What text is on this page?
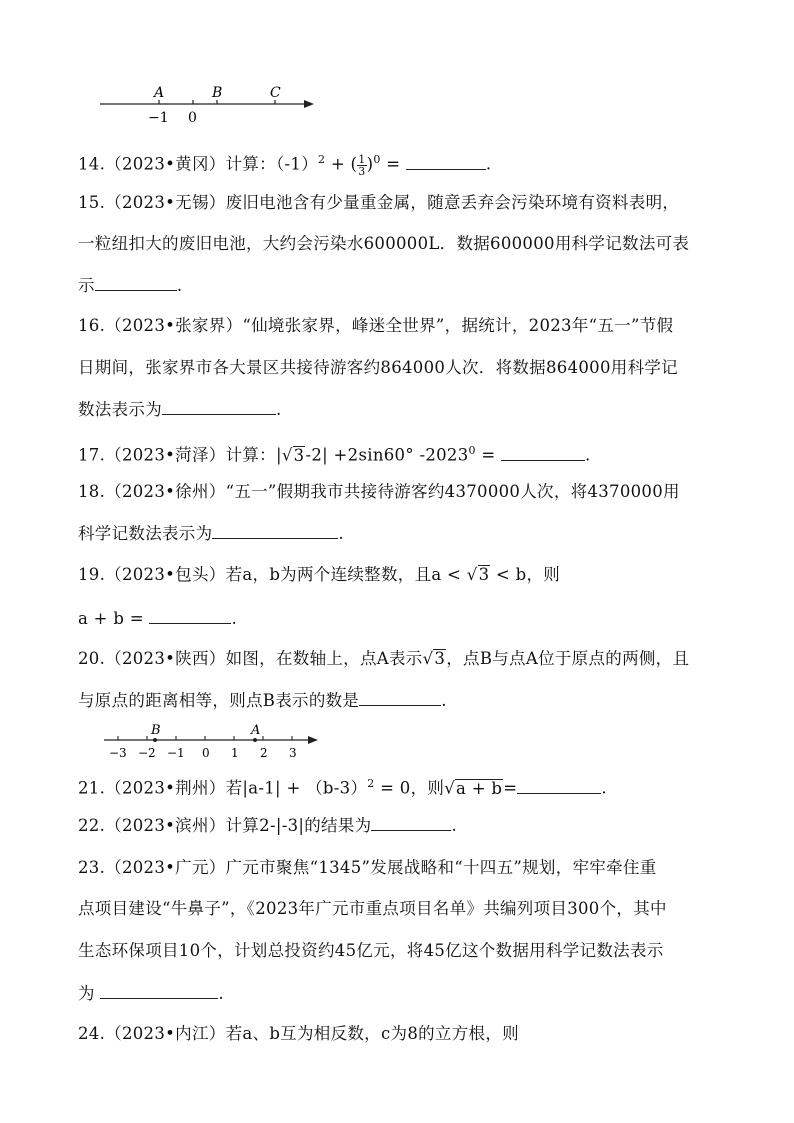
A	B	C
−1 0
14.（2023•黄冈）计算：$(-1)^2$ + ( $\frac{1}{3} )^0$ =	.
15.（2023•无锡）废旧电池含有少量重金属，随意丢弃会污染环境有资料表明，
一粒纽扣大的废旧电池，大约会污染水600000L．数据600000用科学记数法可表
示	.
16.（2023•张家界）“仙境张家界，峰迷全世界”，据统计，2023年“五一”节假
日期间，张家界市各大景区共接待游客约864000人次．将数据864000用科学记
数法表示为	.
17.（2023•菏泽）计算：|√3-2| +2sin60° $-2023^0$ =	.
18.（2023•徐州）“五一”假期我市共接待游客约4370000人次，将4370000用
科学记数法表示为	.
19.（2023•包头）若a，b为两个连续整数，且a < √3 < b，则
a + b =	.
20.（2023•陕西）如图，在数轴上，点A表示√3，点B与点A位于原点的两侧，且
与原点的距离相等，则点B表示的数是	.
B	A
−3 −2 −1 0 1 2 3
21.（2023•荆州）若$|a-1| + (b-3)^2 = 0$，则√a + b=	.
22.（2023•滨州）计算2-|-3|的结果为	.
23.（2023•广元）广元市聚焦“1345”发展战略和“十四五”规划，牢牢牵住重
点项目建设“牛鼻子”，《2023年广元市重点项目名单》共编列项目300个，其中
生态环保项目10个，计划总投资约45亿元，将45亿这个数据用科学记数法表示
为	.
24.（2023•内江）若a、b互为相反数，c为8的立方根，则
